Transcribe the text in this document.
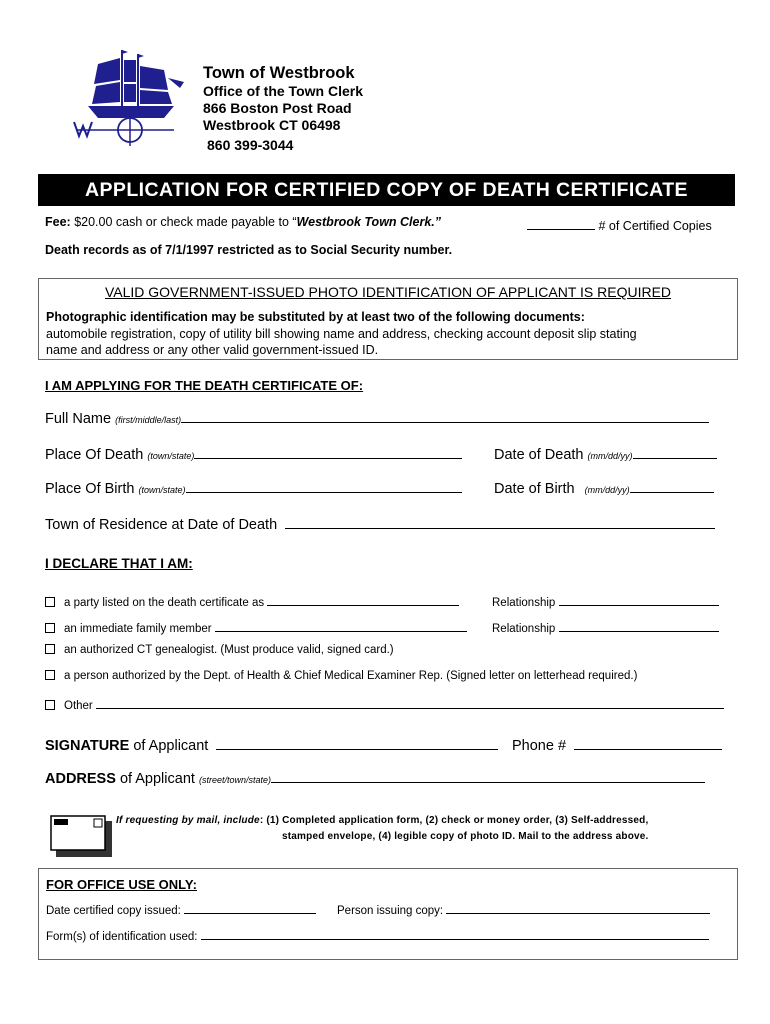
Town of Westbrook
Office of the Town Clerk
866 Boston Post Road
Westbrook CT 06498
860 399-3044
APPLICATION FOR CERTIFIED COPY OF DEATH CERTIFICATE
Fee: $20.00 cash or check made payable to “Westbrook Town Clerk.”	# of Certified Copies
Death records as of 7/1/1997 restricted as to Social Security number.
VALID GOVERNMENT-ISSUED PHOTO IDENTIFICATION OF APPLICANT IS REQUIRED
Photographic identification may be substituted by at least two of the following documents:
automobile registration, copy of utility bill showing name and address, checking account deposit slip stating
name and address or any other valid government-issued ID.
I AM APPLYING FOR THE DEATH CERTIFICATE OF:
Full Name (first/middle/last)
Place Of Death (town/state)	Date of Death (mm/dd/yy)
Place Of Birth (town/state)	Date of Birth (mm/dd/yy)
Town of Residence at Date of Death
I DECLARE THAT I AM:
a party listed on the death certificate as	Relationship
an immediate family member	Relationship
an authorized CT genealogist. (Must produce valid, signed card.)
a person authorized by the Dept. of Health & Chief Medical Examiner Rep. (Signed letter on letterhead required.)
Other
SIGNATURE of Applicant	Phone #
ADDRESS of Applicant (street/town/state)
If requesting by mail, include: (1) Completed application form, (2) check or money order, (3) Self-addressed,
stamped envelope, (4) legible copy of photo ID. Mail to the address above.
FOR OFFICE USE ONLY:
Date certified copy issued:	Person issuing copy:
Form(s) of identification used:
